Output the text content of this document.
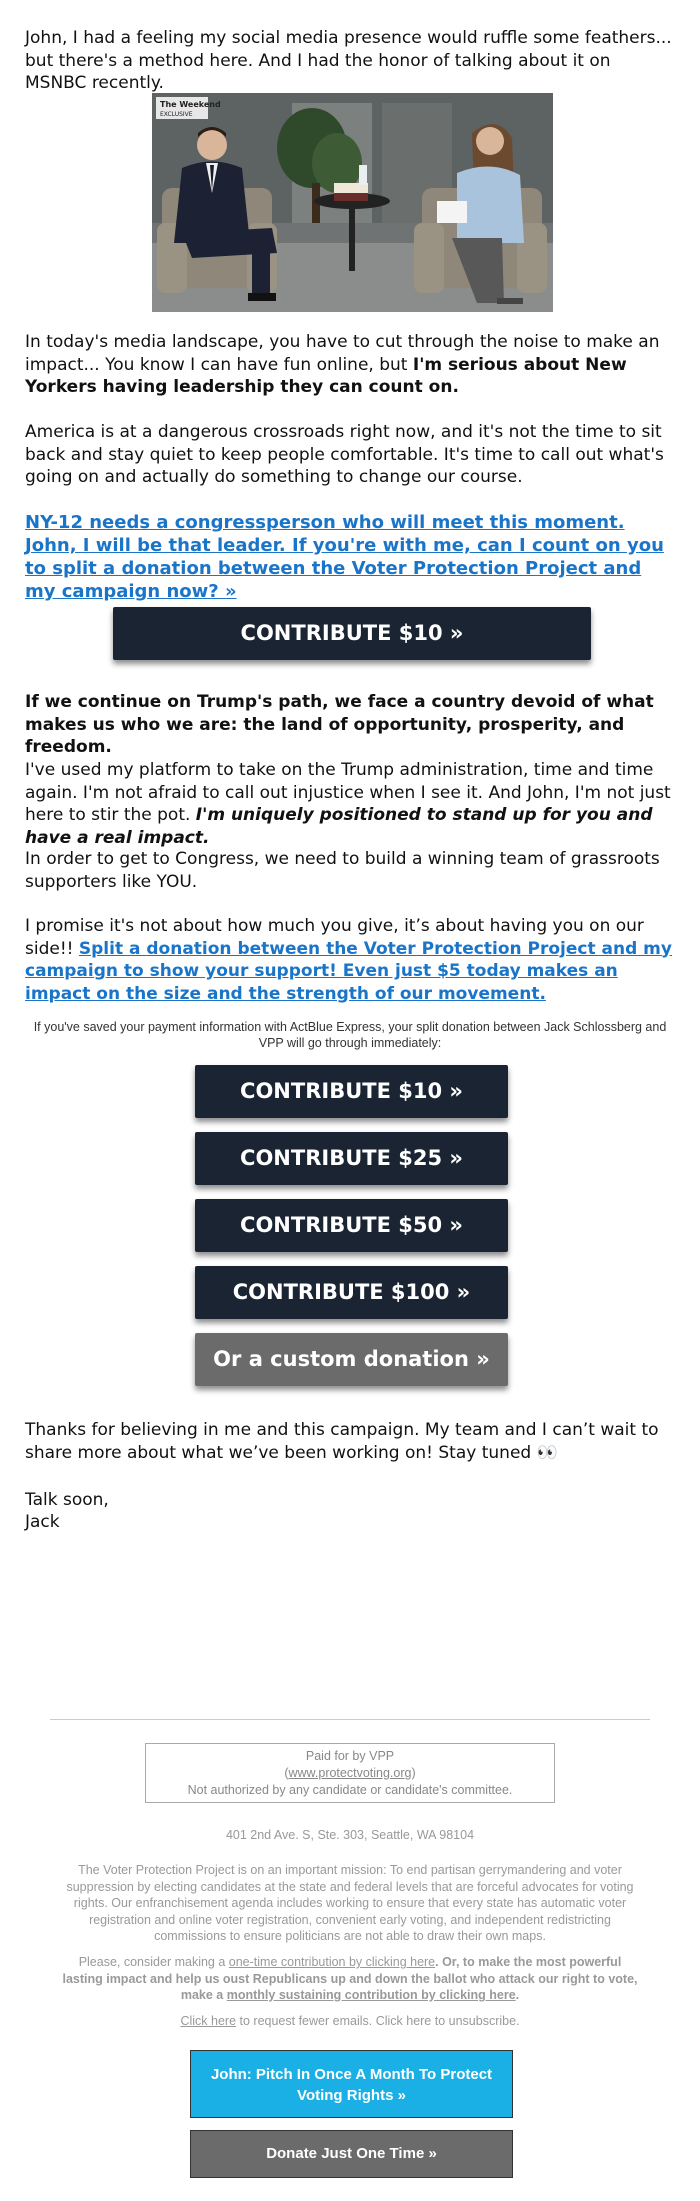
John, I had a feeling my social media presence would ruffle some feathers... but there's a method here. And I had the honor of talking about it on MSNBC recently.

The Weekend
EXCLUSIVE

In today's media landscape, you have to cut through the noise to make an impact... You know I can have fun online, but I'm serious about New Yorkers having leadership they can count on.

America is at a dangerous crossroads right now, and it's not the time to sit back and stay quiet to keep people comfortable. It's time to call out what's going on and actually do something to change our course.

NY-12 needs a congressperson who will meet this moment. John, I will be that leader. If you're with me, can I count on you to split a donation between the Voter Protection Project and my campaign now? »

CONTRIBUTE $10 »

If we continue on Trump's path, we face a country devoid of what makes us who we are: the land of opportunity, prosperity, and freedom.

I've used my platform to take on the Trump administration, time and time again. I'm not afraid to call out injustice when I see it. And John, I'm not just here to stir the pot. I'm uniquely positioned to stand up for you and have a real impact.

In order to get to Congress, we need to build a winning team of grassroots supporters like YOU.

I promise it's not about how much you give, it’s about having you on our side!! Split a donation between the Voter Protection Project and my campaign to show your support! Even just $5 today makes an impact on the size and the strength of our movement.

If you've saved your payment information with ActBlue Express, your split donation between Jack Schlossberg and VPP will go through immediately:
CONTRIBUTE $10 »
CONTRIBUTE $25 »
CONTRIBUTE $50 »
CONTRIBUTE $100 »
Or a custom donation »

Thanks for believing in me and this campaign. My team and I can’t wait to share more about what we’ve been working on! Stay tuned 👀

Talk soon,

Jack

Paid for by VPP
(www.protectvoting.org)
Not authorized by any candidate or candidate's committee.
401 2nd Ave. S, Ste. 303, Seattle, WA 98104
The Voter Protection Project is on an important mission: To end partisan gerrymandering and voter suppression by electing candidates at the state and federal levels that are forceful advocates for voting rights. Our enfranchisement agenda includes working to ensure that every state has automatic voter registration and online voter registration, convenient early voting, and independent redistricting commissions to ensure politicians are not able to draw their own maps.
Please, consider making a one-time contribution by clicking here. Or, to make the most powerful lasting impact and help us oust Republicans up and down the ballot who attack our right to vote, make a monthly sustaining contribution by clicking here.
Click here to request fewer emails. Click here to unsubscribe.
John: Pitch In Once A Month To Protect Voting Rights »
Donate Just One Time »
